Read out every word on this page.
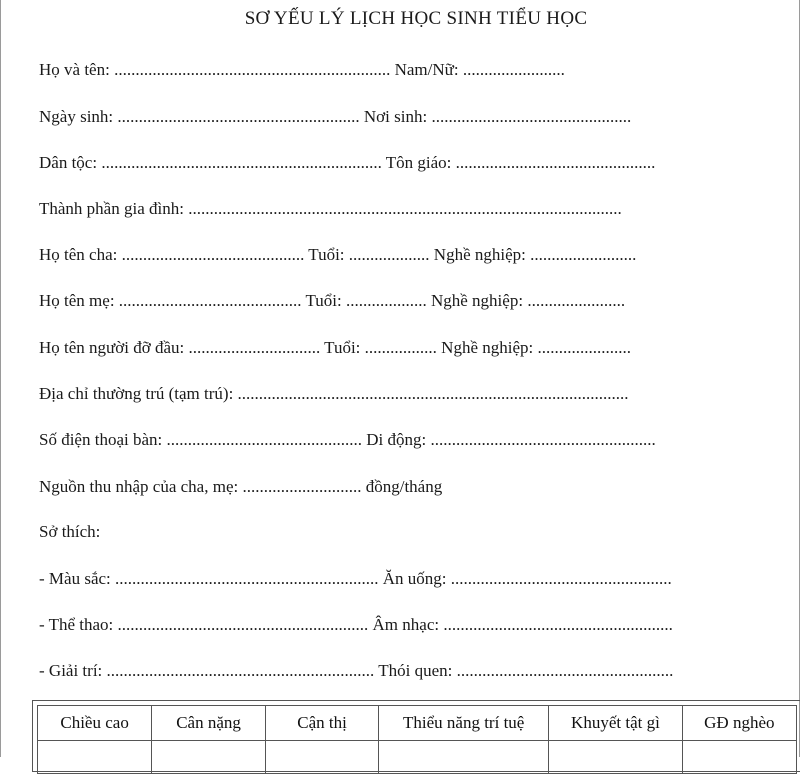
SƠ YẾU LÝ LỊCH HỌC SINH TIỂU HỌC
Họ và tên: ................................................................. Nam/Nữ: ........................
Ngày sinh: ......................................................... Nơi sinh: ...............................................
Dân tộc: .................................................................. Tôn giáo: ...............................................
Thành phần gia đình: ......................................................................................................
Họ tên cha: ........................................... Tuổi: ................... Nghề nghiệp: .........................
Họ tên mẹ: ........................................... Tuổi: ................... Nghề nghiệp: .......................
Họ tên người đỡ đầu: ............................... Tuổi: ................. Nghề nghiệp: ......................
Địa chỉ thường trú (tạm trú): ............................................................................................
Số điện thoại bàn: .............................................. Di động: .....................................................
Nguồn thu nhập của cha, mẹ: ............................ đồng/tháng
Sở thích:
- Màu sắc: .............................................................. Ăn uống: ....................................................
- Thể thao: ........................................................... Âm nhạc: ......................................................
- Giải trí: ............................................................... Thói quen: ...................................................
Chiều cao	Cân nặng	Cận thị	Thiểu năng trí tuệ	Khuyết tật gì	GĐ nghèo
